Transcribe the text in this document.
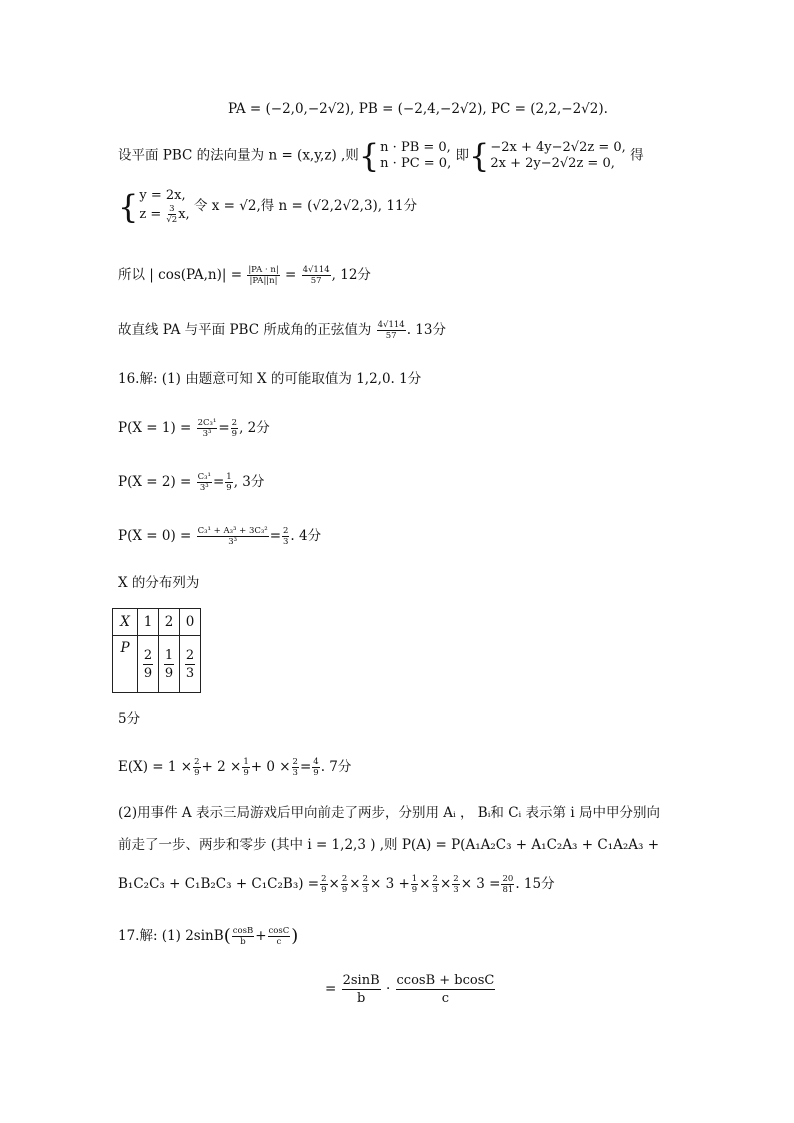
PA = (−2,0,−2√2), PB = (−2,4,−2√2), PC = (2,2,−2√2).
设平面 PBC 的法向量为 n = (x,y,z) ,则{ n · PB = 0,
n · PC = 0, 即{ −2x + 4y−2√2z = 0,
2x + 2y−2√2z = 0,	得
{ y = 2x,
$z = \frac{3}{√2} x$,
令 x = √2,得 n = (√2,2√2,3), 11分
所以 | $\cos(PA,n)| = \frac{|PA \cdot n|}{|PA||n|} = \frac{4√114}{57}$ , 12分
故直线 PA 与平面 PBC 所成角的正弦值为 $\frac{4√114}{57}$ . 13分
16.解: (1) 由题意可知 X 的可能取值为 1,2,0. 1分
$P(X = 1) = \frac{\text{2C₃¹}}{\text{3³}} = \frac{2}{9}$ , 2分
$P(X = 2) = \frac{\text{C₃¹}}{\text{3³}} = \frac{1}{9}$ , 3分
$P(X = 0) = \frac{\text{C₃¹ + A₃³ + 3C₃²}}{\text{3³}} = \frac{2}{3}$ . 4分
X 的分布列为
X	1	2	0
P	$\frac{2}{9}$	$\frac{1}{9}$	$\frac{2}{3}$
5分
$E(X) = 1 \times \frac{2}{9} + 2 \times \frac{1}{9} + 0 \times \frac{2}{3} = \frac{4}{9}$ . 7分
(2)用事件 A 表示三局游戏后甲向前走了两步，分别用 Aᵢ ， Bᵢ和 Cᵢ 表示第 i 局中甲分别向
前走了一步、两步和零步 (其中 i = 1,2,3 ) ,则 P(A) = P(A₁A₂C₃ + A₁C₂A₃ + C₁A₂A₃ +
$B_1C_2C_3 + C_1B_2C_3 + C_1C_2B_3) = \frac{2}{9} \times \frac{2}{9} \times \frac{2}{3} \times 3 + \frac{1}{9} \times \frac{2}{3} \times \frac{2}{3} \times 3 = \frac{20}{81}$ . 15分
17.解: (1) $2\sin B( \frac{\cos B}{b} + \frac{\cos C}{c}$ )
= $\frac{2\sin B}{b} \cdot \frac{ccosB + bcosC}{c}$
